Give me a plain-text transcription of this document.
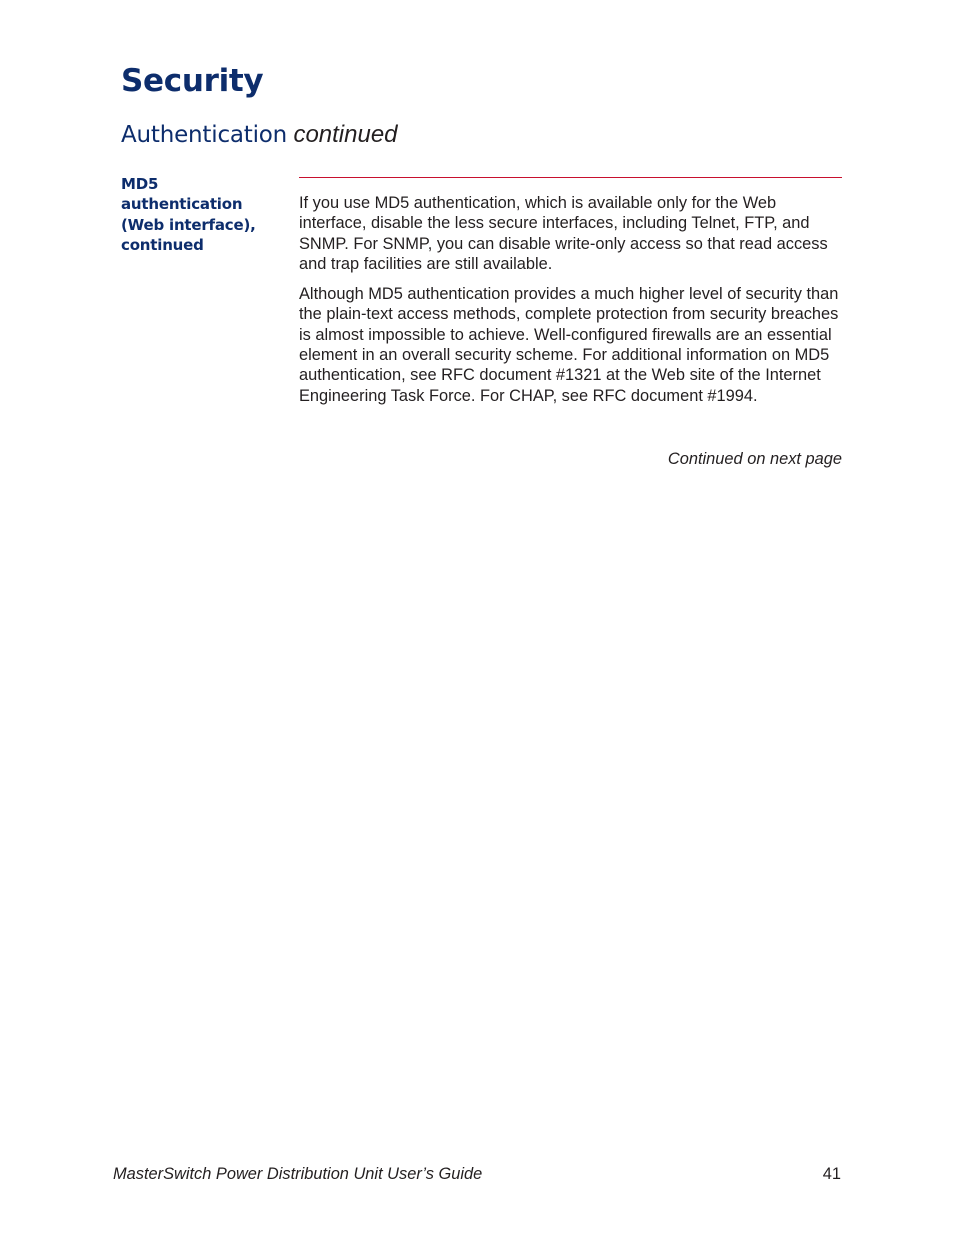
Security
Authentication continued
MD5 authentication (Web interface), continued

If you use MD5 authentication, which is available only for the Web interface, disable the less secure interfaces, including Telnet, FTP, and SNMP. For SNMP, you can disable write-only access so that read access and trap facilities are still available.

Although MD5 authentication provides a much higher level of security than the plain-text access methods, complete protection from security breaches is almost impossible to achieve. Well-configured firewalls are an essential element in an overall security scheme. For additional information on MD5 authentication, see RFC document #1321 at the Web site of the Internet Engineering Task Force. For CHAP, see RFC document #1994.

Continued on next page

MasterSwitch Power Distribution Unit User’s Guide	41
